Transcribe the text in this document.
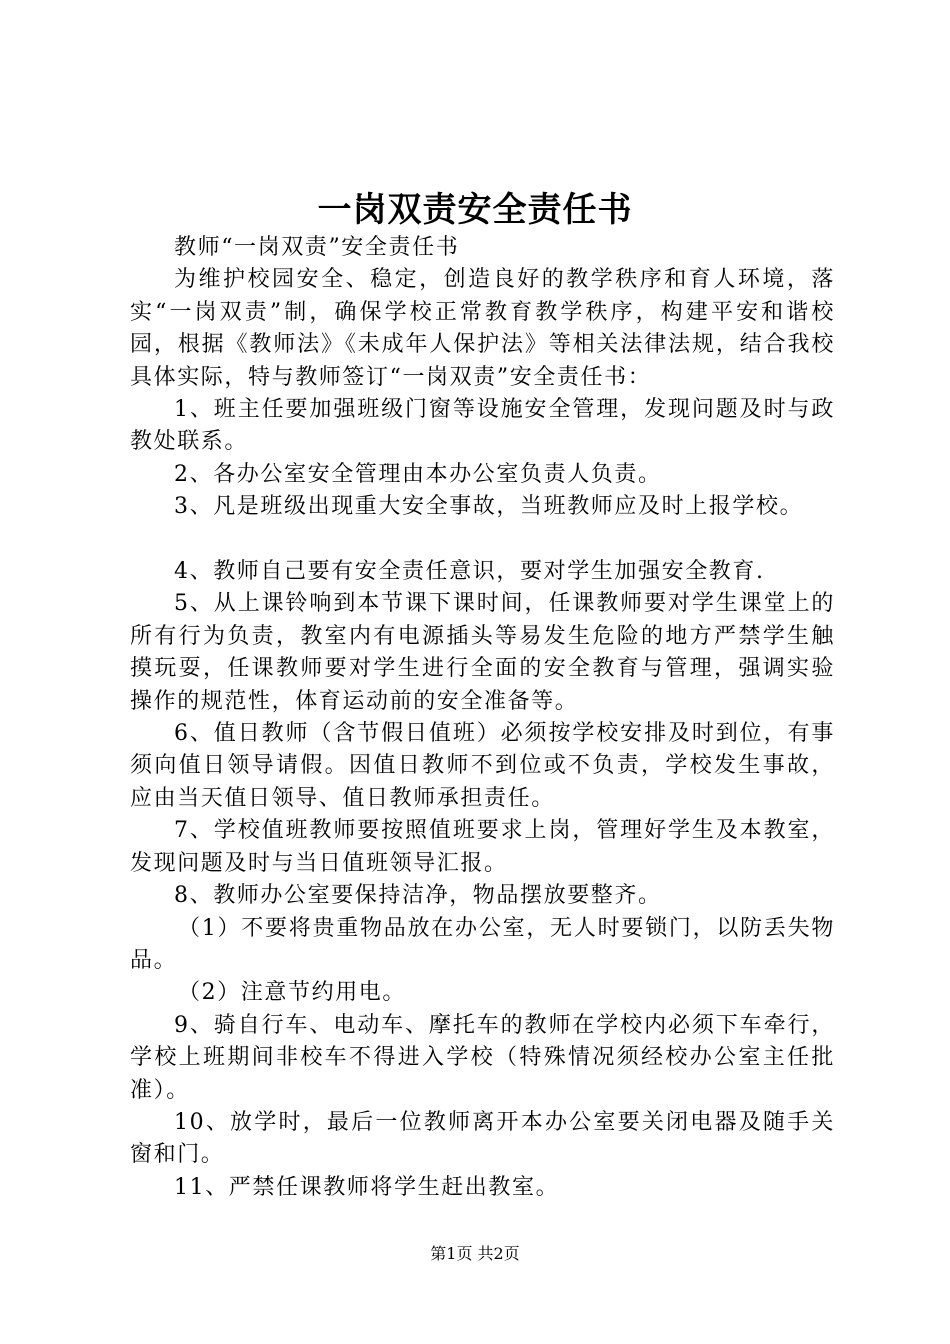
一岗双责安全责任书

教师“一岗双责”安全责任书

为维护校园安全、稳定，创造良好的教学秩序和育人环境，落实“一岗双责”制，确保学校正常教育教学秩序，构建平安和谐校园，根据《教师法》《未成年人保护法》等相关法律法规，结合我校具体实际，特与教师签订“一岗双责”安全责任书：

1、班主任要加强班级门窗等设施安全管理，发现问题及时与政教处联系。

2、各办公室安全管理由本办公室负责人负责。

3、凡是班级出现重大安全事故，当班教师应及时上报学校。

4、教师自己要有安全责任意识，要对学生加强安全教育.

5、从上课铃响到本节课下课时间，任课教师要对学生课堂上的所有行为负责，教室内有电源插头等易发生危险的地方严禁学生触摸玩耍，任课教师要对学生进行全面的安全教育与管理，强调实验操作的规范性，体育运动前的安全准备等。

6、值日教师（含节假日值班）必须按学校安排及时到位，有事须向值日领导请假。因值日教师不到位或不负责，学校发生事故，应由当天值日领导、值日教师承担责任。

7、学校值班教师要按照值班要求上岗，管理好学生及本教室，发现问题及时与当日值班领导汇报。

8、教师办公室要保持洁净，物品摆放要整齐。

（1）不要将贵重物品放在办公室，无人时要锁门，以防丢失物品。

（2）注意节约用电。

9、骑自行车、电动车、摩托车的教师在学校内必须下车牵行，学校上班期间非校车不得进入学校（特殊情况须经校办公室主任批准）。

10、放学时，最后一位教师离开本办公室要关闭电器及随手关窗和门。

11、严禁任课教师将学生赶出教室。

第1页 共2页
